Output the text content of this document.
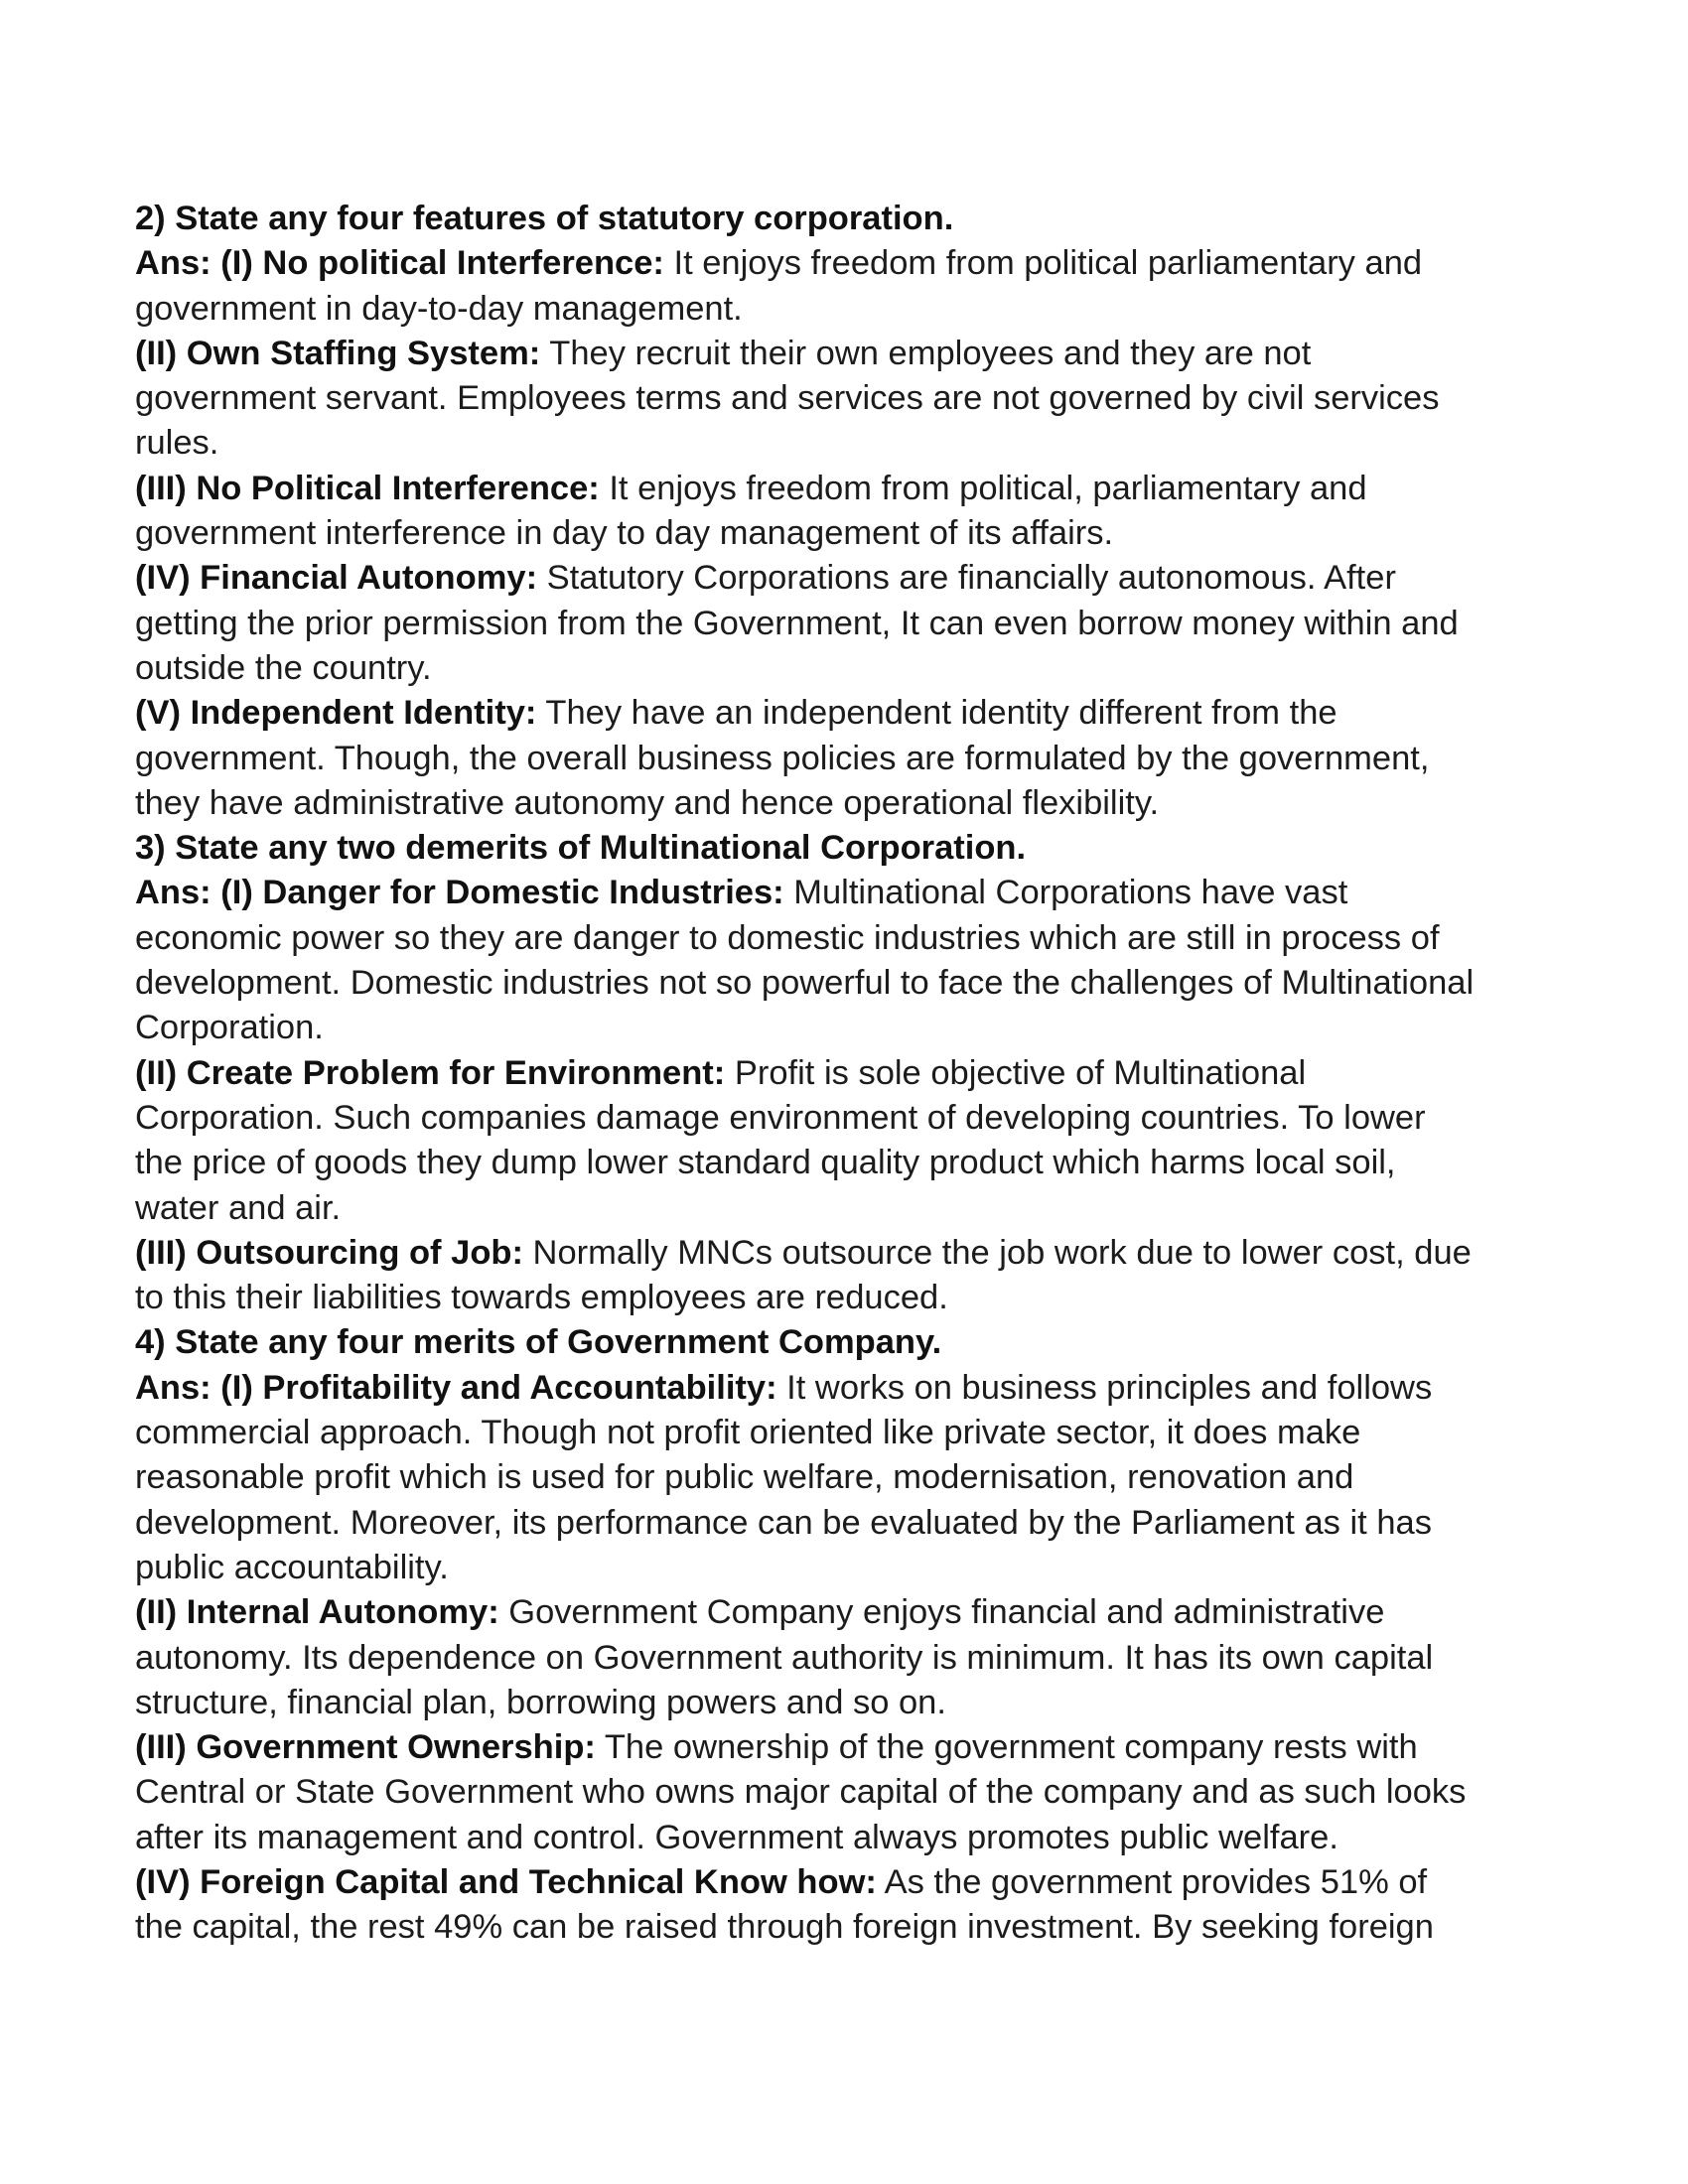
2) State any four features of statutory corporation.
Ans: (I) No political Interference: It enjoys freedom from political parliamentary and
government in day-to-day management.
(II) Own Staffing System: They recruit their own employees and they are not
government servant. Employees terms and services are not governed by civil services
rules.
(III) No Political Interference: It enjoys freedom from political, parliamentary and
government interference in day to day management of its affairs.
(IV) Financial Autonomy: Statutory Corporations are financially autonomous. After
getting the prior permission from the Government, It can even borrow money within and
outside the country.
(V) Independent Identity: They have an independent identity different from the
government. Though, the overall business policies are formulated by the government,
they have administrative autonomy and hence operational flexibility.
3) State any two demerits of Multinational Corporation.
Ans: (I) Danger for Domestic Industries: Multinational Corporations have vast
economic power so they are danger to domestic industries which are still in process of
development. Domestic industries not so powerful to face the challenges of Multinational
Corporation.
(II) Create Problem for Environment: Profit is sole objective of Multinational
Corporation. Such companies damage environment of developing countries. To lower
the price of goods they dump lower standard quality product which harms local soil,
water and air.
(III) Outsourcing of Job: Normally MNCs outsource the job work due to lower cost, due
to this their liabilities towards employees are reduced.
4) State any four merits of Government Company.
Ans: (I) Profitability and Accountability: It works on business principles and follows
commercial approach. Though not profit oriented like private sector, it does make
reasonable profit which is used for public welfare, modernisation, renovation and
development. Moreover, its performance can be evaluated by the Parliament as it has
public accountability.
(II) Internal Autonomy: Government Company enjoys financial and administrative
autonomy. Its dependence on Government authority is minimum. It has its own capital
structure, financial plan, borrowing powers and so on.
(III) Government Ownership: The ownership of the government company rests with
Central or State Government who owns major capital of the company and as such looks
after its management and control. Government always promotes public welfare.
(IV) Foreign Capital and Technical Know how: As the government provides 51% of
the capital, the rest 49% can be raised through foreign investment. By seeking foreign
